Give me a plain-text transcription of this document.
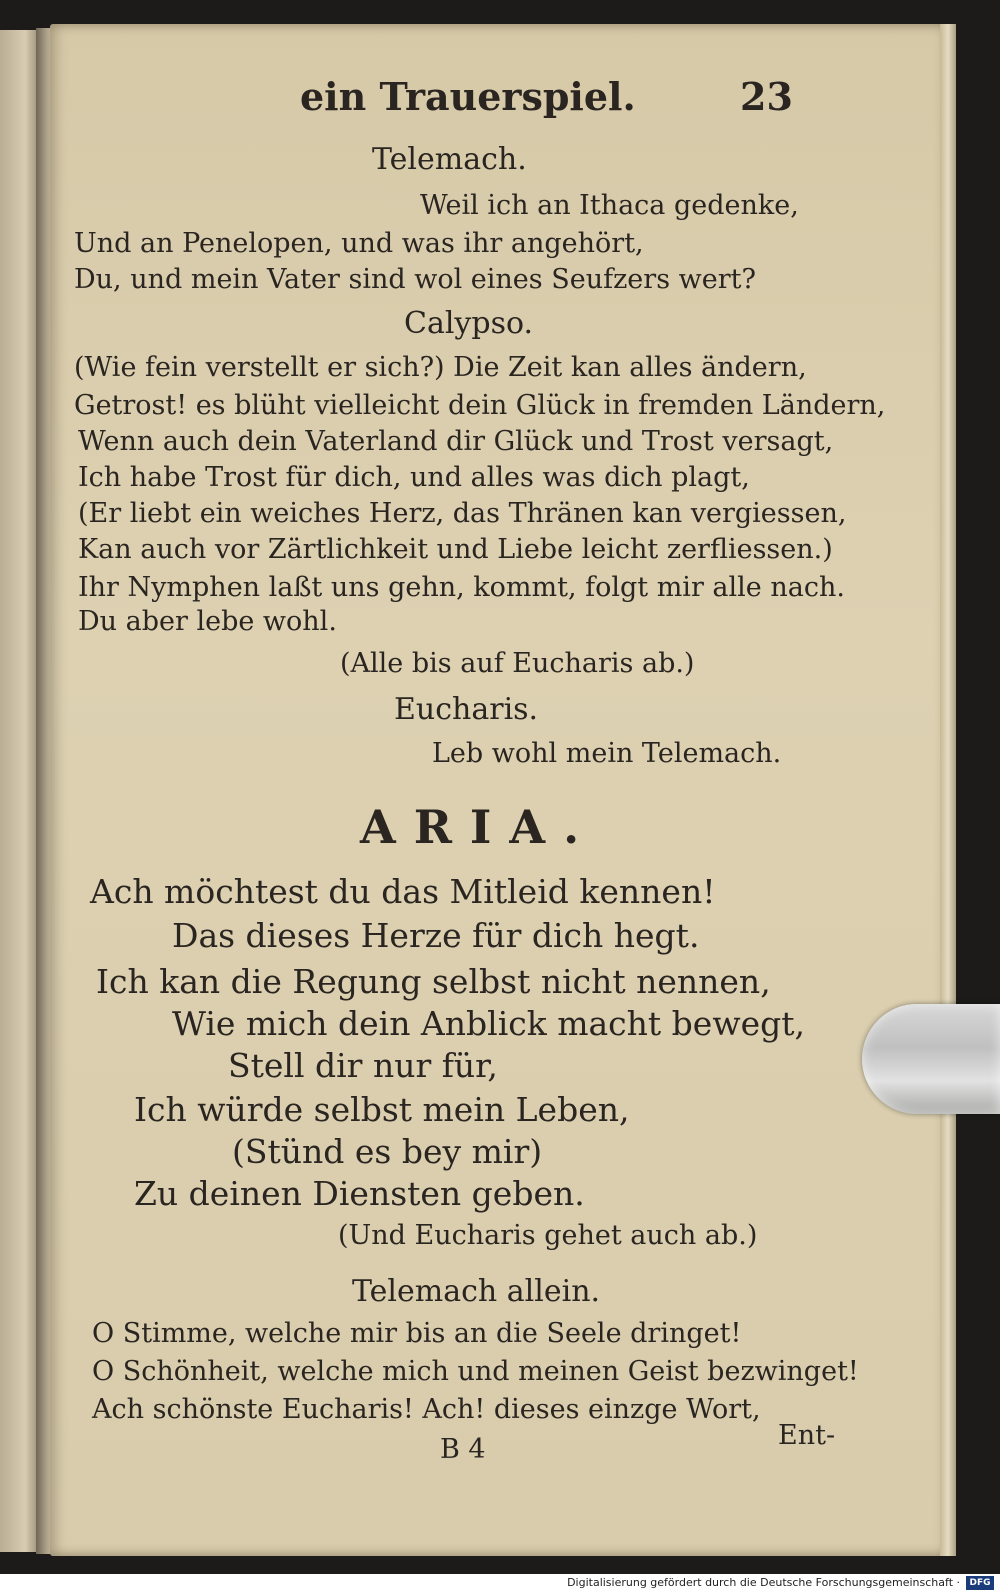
ein Trauerspiel.	23
Telemach.
Weil ich an Ithaca gedenke,
Und an Penelopen, und was ihr angehört,
Du, und mein Vater sind wol eines Seufzers wert?
Calypso.
(Wie fein verstellt er sich?) Die Zeit kan alles ändern,
Getrost! es blüht vielleicht dein Glück in fremden Ländern,
Wenn auch dein Vaterland dir Glück und Trost versagt,
Ich habe Trost für dich, und alles was dich plagt,
(Er liebt ein weiches Herz, das Thränen kan vergiessen,
Kan auch vor Zärtlichkeit und Liebe leicht zerfliessen.)
Ihr Nymphen laßt uns gehn, kommt, folgt mir alle nach.
Du aber lebe wohl.
(Alle bis auf Eucharis ab.)
Eucharis.
Leb wohl mein Telemach.
ARIA.
Ach möchtest du das Mitleid kennen!
Das dieses Herze für dich hegt.
Ich kan die Regung selbst nicht nennen,
Wie mich dein Anblick macht bewegt,
Stell dir nur für,
Ich würde selbst mein Leben,
(Stünd es bey mir)
Zu deinen Diensten geben.
(Und Eucharis gehet auch ab.)
Telemach allein.
O Stimme, welche mir bis an die Seele dringet!
O Schönheit, welche mich und meinen Geist bezwinget!
Ach schönste Eucharis! Ach! dieses einzge Wort,
B 4	Ent-
Digitalisierung gefördert durch die Deutsche Forschungsgemeinschaft ·	DFG
